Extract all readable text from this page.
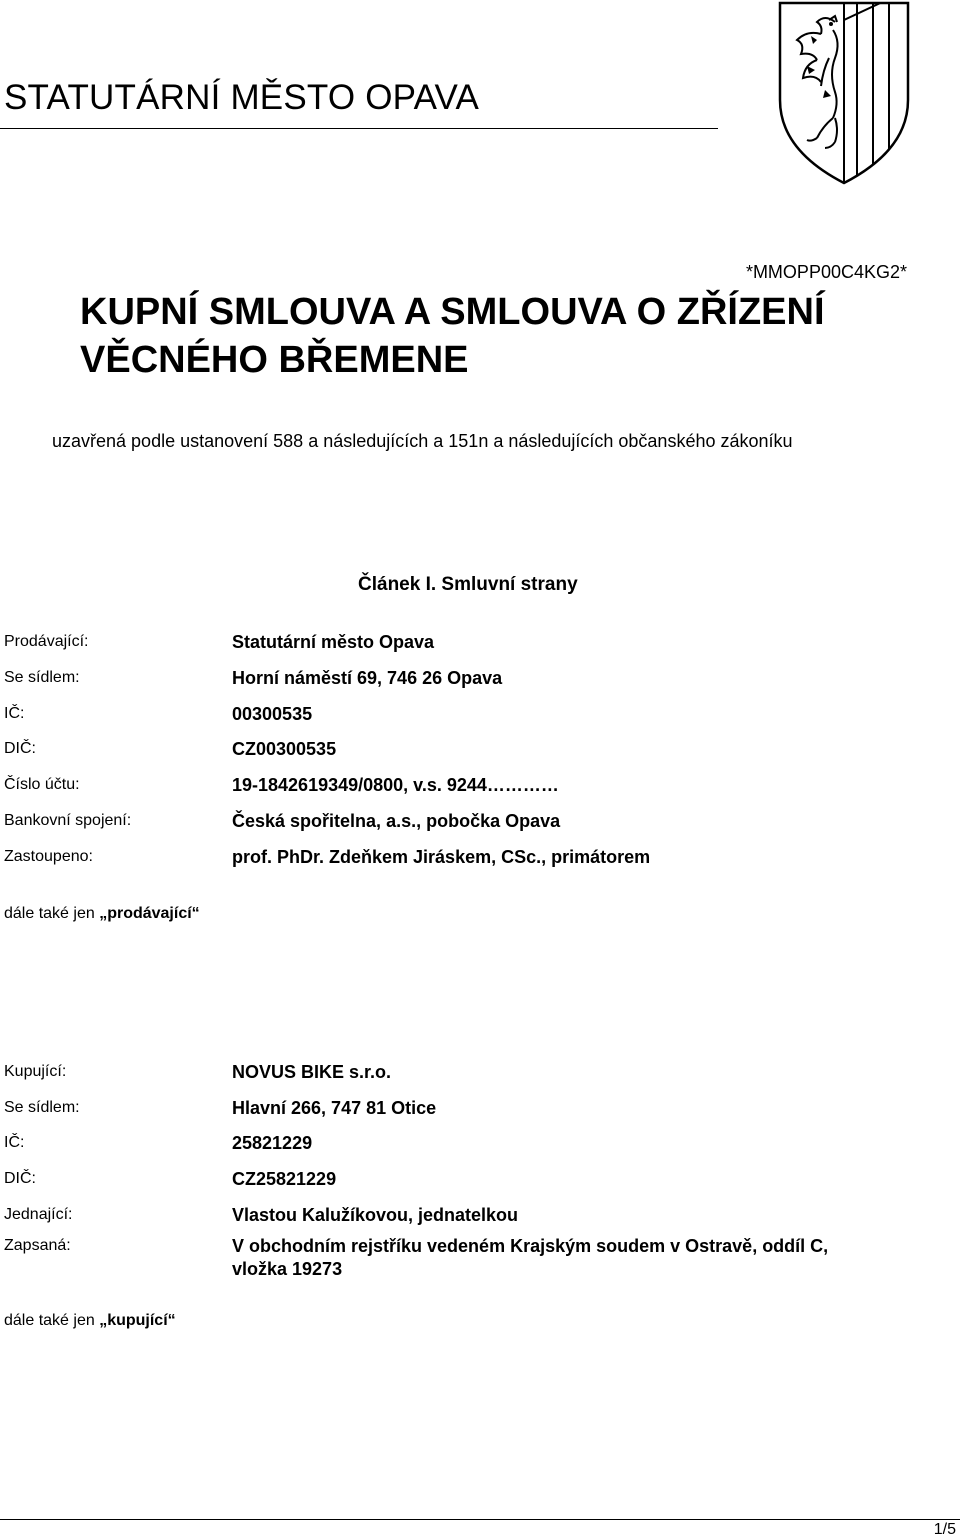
STATUTÁRNÍ MĚSTO OPAVA
*MMOPP00C4KG2*
KUPNÍ SMLOUVA A SMLOUVA O ZŘÍZENÍ
VĚCNÉHO BŘEMENE
uzavřená podle ustanovení 588 a následujících a 151n a následujících občanského zákoníku
Článek I. Smluvní strany
Prodávající:	Statutární město Opava
Se sídlem:	Horní náměstí 69, 746 26 Opava
IČ:	00300535
DIČ:	CZ00300535
Číslo účtu:	19-1842619349/0800, v.s. 9244…………
Bankovní spojení:	Česká spořitelna, a.s., pobočka Opava
Zastoupeno:	prof. PhDr. Zdeňkem Jiráskem, CSc., primátorem
dále také jen „prodávající“
Kupující:	NOVUS BIKE s.r.o.
Se sídlem:	Hlavní 266, 747 81 Otice
IČ:	25821229
DIČ:	CZ25821229
Jednající:	Vlastou Kalužíkovou, jednatelkou
Zapsaná:	V obchodním rejstříku vedeném Krajským soudem v Ostravě, oddíl C,
vložka 19273
dále také jen „kupující“
1/5
